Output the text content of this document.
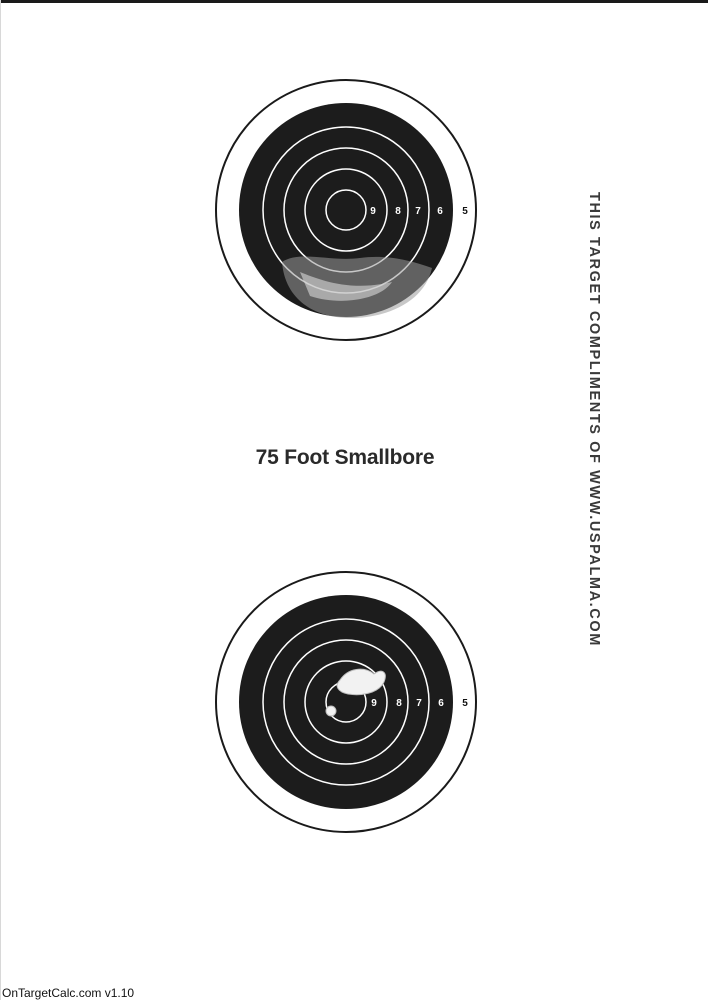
9 8 7 6 5
9 8 7 6 5
75 Foot Smallbore	THIS TARGET COMPLIMENTS OF WWW.USPALMA.COM
OnTargetCalc.com v1.10
